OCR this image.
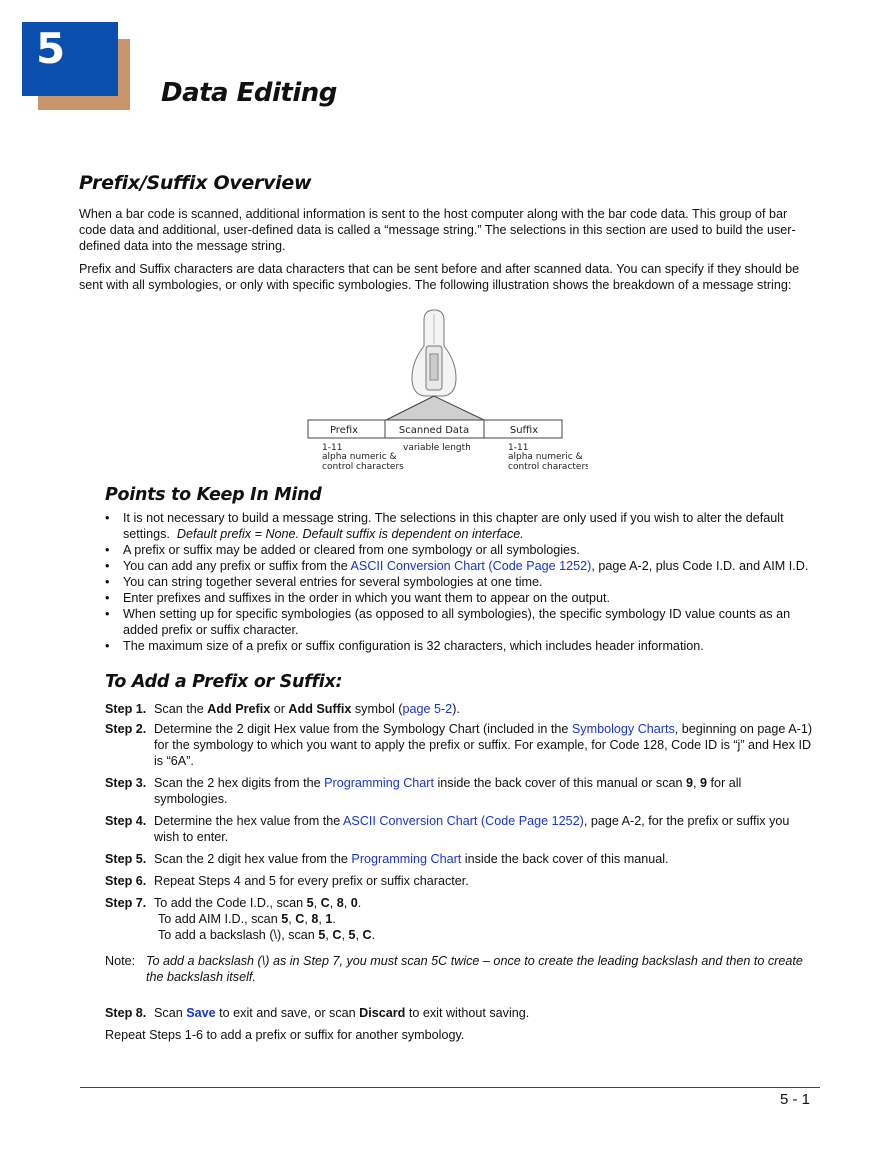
5
Data Editing
Prefix/Suffix Overview

When a bar code is scanned, additional information is sent to the host computer along with the bar code data. This group of bar code data and additional, user-defined data is called a “message string.” The selections in this section are used to build the user-defined data into the message string.

Prefix and Suffix characters are data characters that can be sent before and after scanned data. You can specify if they should be sent with all symbologies, or only with specific symbologies. The following illustration shows the breakdown of a message string:

Prefix	Scanned Data	Suffix
1-11
alpha numeric &
control characters
variable length	1-11
alpha numeric &
control characters
Points to Keep In Mind
• It is not necessary to build a message string. The selections in this chapter are only used if you wish to alter the default settings. Default prefix = None. Default suffix is dependent on interface.
• A prefix or suffix may be added or cleared from one symbology or all symbologies.
• You can add any prefix or suffix from the ASCII Conversion Chart (Code Page 1252), page A-2, plus Code I.D. and AIM I.D.
• You can string together several entries for several symbologies at one time.
• Enter prefixes and suffixes in the order in which you want them to appear on the output.
• When setting up for specific symbologies (as opposed to all symbologies), the specific symbology ID value counts as an added prefix or suffix character.
• The maximum size of a prefix or suffix configuration is 32 characters, which includes header information.
To Add a Prefix or Suffix:
Step 1. Scan the Add Prefix or Add Suffix symbol (page 5-2).
Step 2. Determine the 2 digit Hex value from the Symbology Chart (included in the Symbology Charts, beginning on page A-1) for the symbology to which you want to apply the prefix or suffix. For example, for Code 128, Code ID is “j” and Hex ID is “6A”.
Step 3. Scan the 2 hex digits from the Programming Chart inside the back cover of this manual or scan 9, 9 for all symbologies.
Step 4. Determine the hex value from the ASCII Conversion Chart (Code Page 1252), page A-2, for the prefix or suffix you wish to enter.
Step 5. Scan the 2 digit hex value from the Programming Chart inside the back cover of this manual.
Step 6. Repeat Steps 4 and 5 for every prefix or suffix character.
Step 7. To add the Code I.D., scan 5, C, 8, 0.
To add AIM I.D., scan 5, C, 8, 1.
To add a backslash (\), scan 5, C, 5, C.
Note: To add a backslash (\) as in Step 7, you must scan 5C twice – once to create the leading backslash and then to create the backslash itself.
Step 8. Scan Save to exit and save, or scan Discard to exit without saving.
Repeat Steps 1-6 to add a prefix or suffix for another symbology.
5 - 1
